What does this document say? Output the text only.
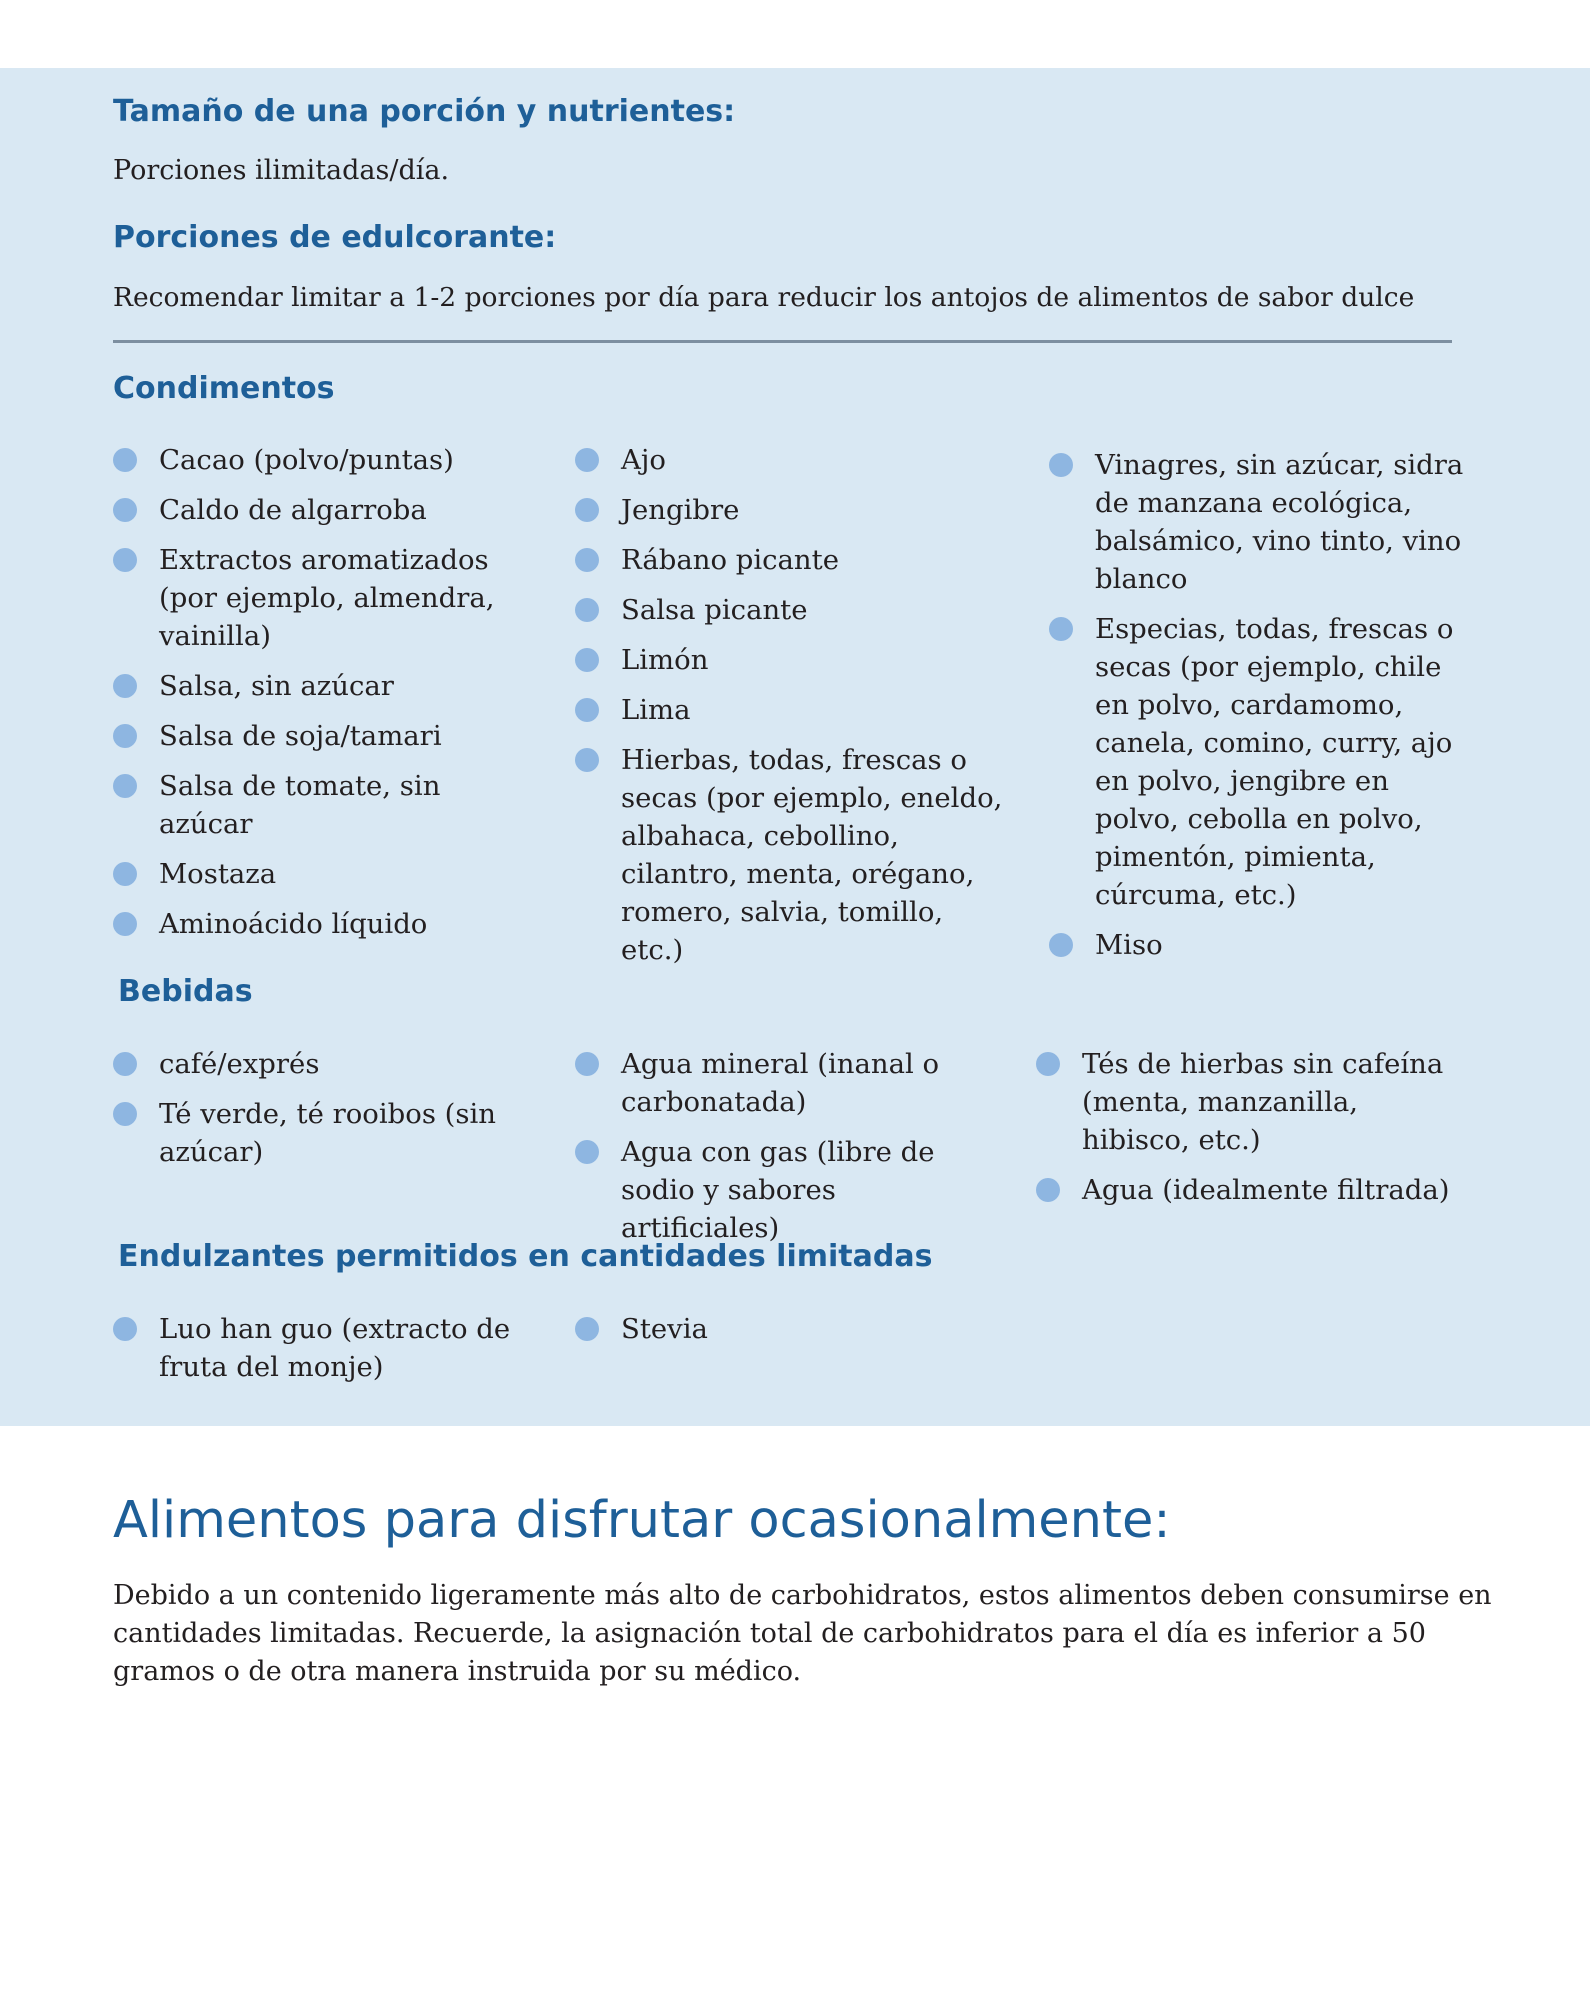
Tamaño de una porción y nutrientes:

Porciones ilimitadas/día.

Porciones de edulcorante:

Recomendar limitar a 1-2 porciones por día para reducir los antojos de alimentos de sabor dulce

Condimentos
Cacao (polvo/puntas)
Caldo de algarroba
Extractos aromatizados (por ejemplo, almendra, vainilla)
Salsa, sin azúcar
Salsa de soja/tamari
Salsa de tomate, sin azúcar
Mostaza
Aminoácido líquido
Ajo
Jengibre
Rábano picante
Salsa picante
Limón
Lima
Hierbas, todas, frescas o secas (por ejemplo, eneldo, albahaca, cebollino, cilantro, menta, orégano, romero, salvia, tomillo, etc.)
Vinagres, sin azúcar, sidra de manzana ecológica, balsámico, vino tinto, vino blanco
Especias, todas, frescas o secas (por ejemplo, chile en polvo, cardamomo, canela, comino, curry, ajo en polvo, jengibre en polvo, cebolla en polvo, pimentón, pimienta, cúrcuma, etc.)
Miso
Bebidas
café/exprés
Té verde, té rooibos (sin azúcar)
Agua mineral (inanal o carbonatada)
Agua con gas (libre de sodio y sabores artificiales)
Tés de hierbas sin cafeína (menta, manzanilla, hibisco, etc.)
Agua (idealmente filtrada)
Endulzantes permitidos en cantidades limitadas
Luo han guo (extracto de fruta del monje)
Stevia
Alimentos para disfrutar ocasionalmente:

Debido a un contenido ligeramente más alto de carbohidratos, estos alimentos deben consumirse en cantidades limitadas. Recuerde, la asignación total de carbohidratos para el día es inferior a 50 gramos o de otra manera instruida por su médico.
